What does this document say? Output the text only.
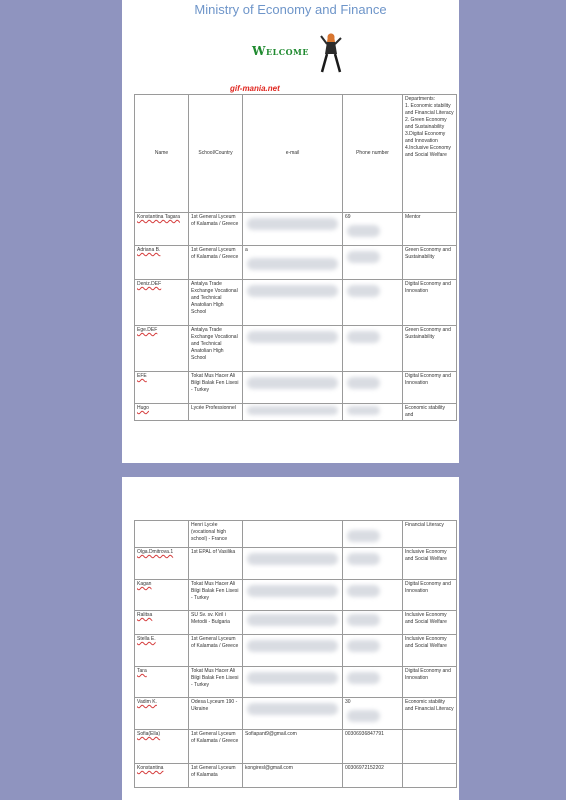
Ministry of Economy and Finance
Welcome
gif-mania.net
Name	School/Country	e-mail	Phone number	Departments:
1. Economic stability and Financial Literacy
2. Green Economy and Sustainability
3.Digital Economy and Innovation
4.Inclusive Economy and Social Welfare
Konstantina Tagara	1st General Lyceum of Kalamata / Greece		69	Mentor
Adriana B.	1st General Lyceum of Kalamata / Greece	a		Green Economy and Sustainability
Deniz.DEF	Antalya Trade Exchange Vocational and Technical Anatolian High School			Digital Economy and Innovation
Ege.DEF	Antalya Trade Exchange Vocational and Technical Anatolian High School			Green Economy and Sustainability
EFE	Tokat Mus Hacer Ali Bilgi Balak Fen Lisesi - Turkey			Digital Economy and Innovation
Hugo	Lycée Professionnel			Economic stability and
	Henri Lycée (vocational high school) - France			Financial Literacy
Olga.Dmitrova.1	1st EPAL of Vasilika			Inclusive Economy and Social Welfare
Kagan	Tokat Mus Hacer Ali Bilgi Balak Fen Lisesi - Turkey			Digital Economy and Innovation
Ralitsa	SU Sv. sv. Kiril i Metodii - Bulgaria			Inclusive Economy and Social Welfare
Stella E.	1st General Lyceum of Kalamata / Greece			Inclusive Economy and Social Welfare
Tara	Tokat Mus Hacer Ali Bilgi Balak Fen Lisesi - Turkey			Digital Economy and Innovation
Vadim K.	Odesa Lyceum 190 - Ukraine		30	Economic stability and Financial Literacy
Sofia(Ella)	1st General Lyceum of Kalamata / Greece	Sofiapant9@gmail.com	00306936847791	
Konstantina	1st General Lyceum of Kalamata	kongiresl@gmail.com	00306972152202	
